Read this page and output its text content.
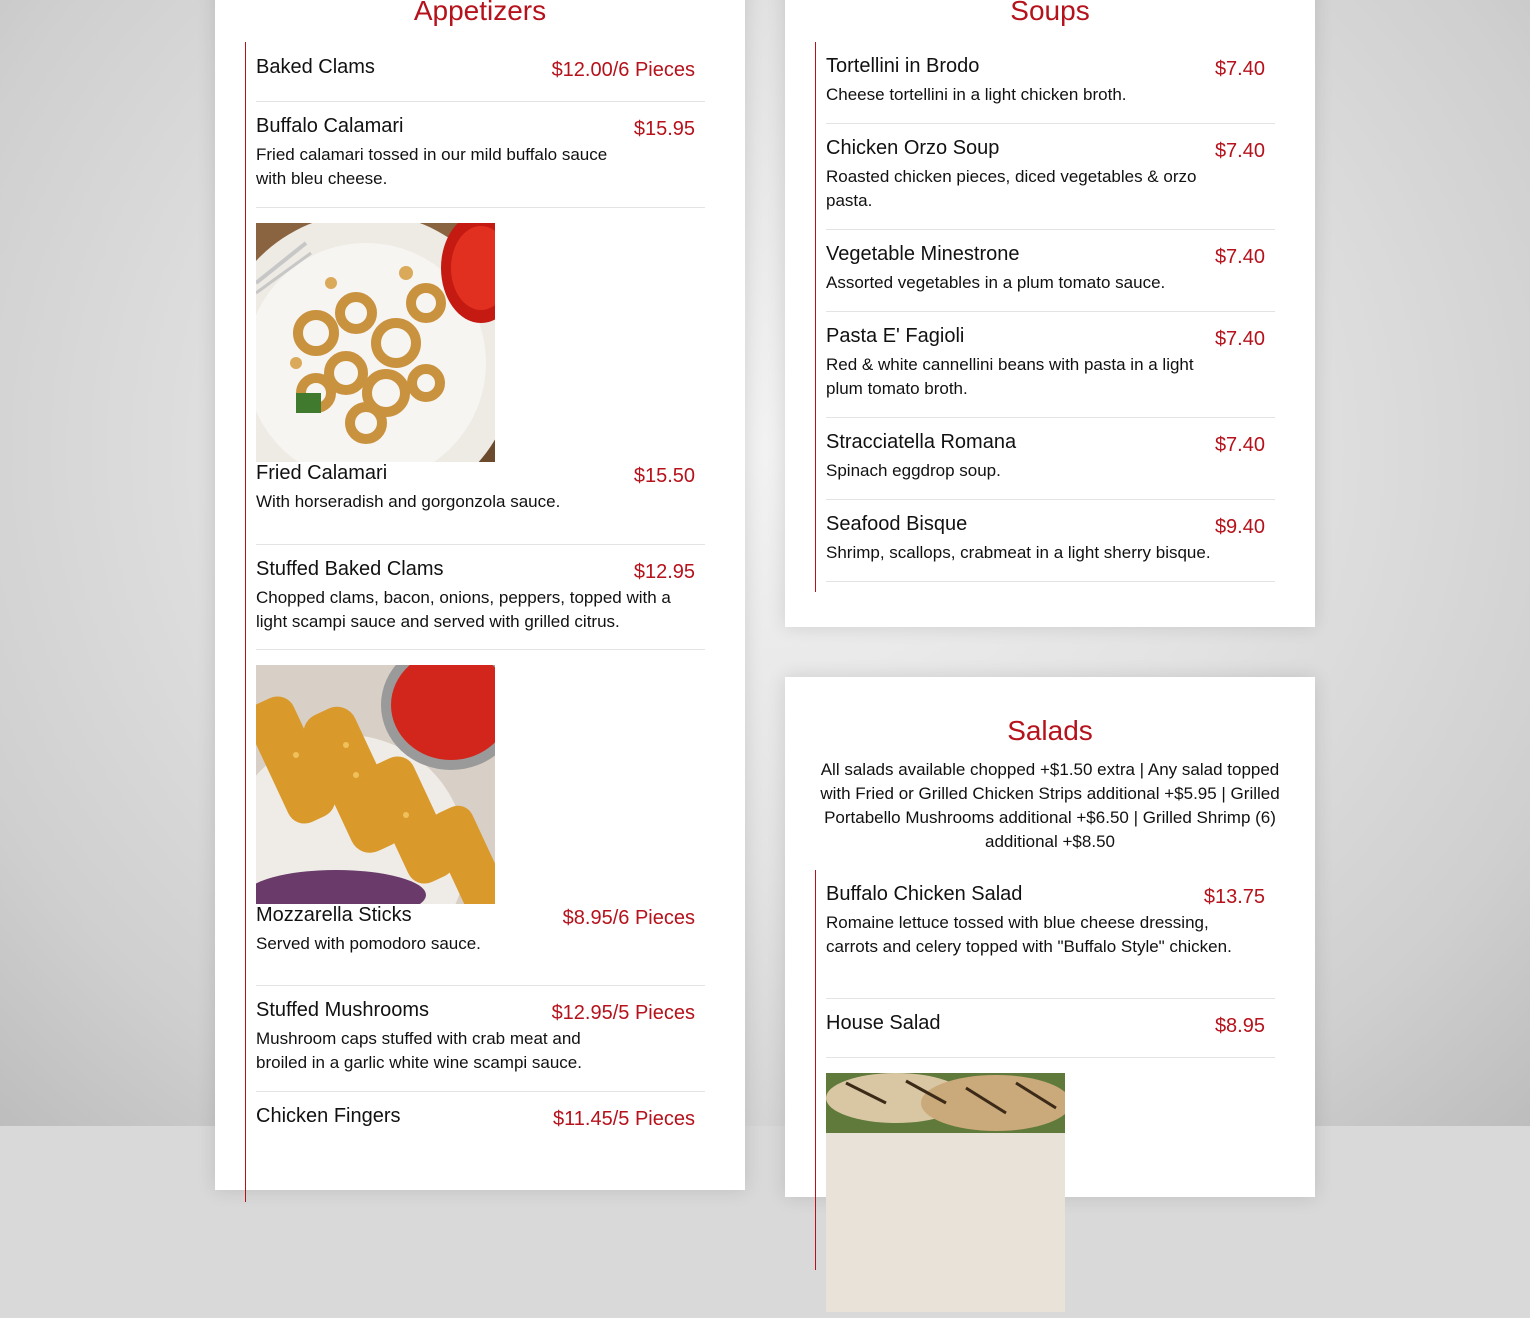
Appetizers
Baked Clams	$12.00/6 Pieces
Buffalo Calamari	$15.95
Fried calamari tossed in our mild buffalo sauce with bleu cheese.
Fried Calamari	$15.50
With horseradish and gorgonzola sauce.
Stuffed Baked Clams	$12.95
Chopped clams, bacon, onions, peppers, topped with a light scampi sauce and served with grilled citrus.
Mozzarella Sticks	$8.95/6 Pieces
Served with pomodoro sauce.
Stuffed Mushrooms	$12.95/5 Pieces
Mushroom caps stuffed with crab meat and broiled in a garlic white wine scampi sauce.
Chicken Fingers	$11.45/5 Pieces
Soups
Tortellini in Brodo	$7.40
Cheese tortellini in a light chicken broth.
Chicken Orzo Soup	$7.40
Roasted chicken pieces, diced vegetables & orzo pasta.
Vegetable Minestrone	$7.40
Assorted vegetables in a plum tomato sauce.
Pasta E' Fagioli	$7.40
Red & white cannellini beans with pasta in a light plum tomato broth.
Stracciatella Romana	$7.40
Spinach eggdrop soup.
Seafood Bisque	$9.40
Shrimp, scallops, crabmeat in a light sherry bisque.
Salads
All salads available chopped +$1.50 extra | Any salad topped with Fried or Grilled Chicken Strips additional +$5.95 | Grilled Portabello Mushrooms additional +$6.50 | Grilled Shrimp (6) additional +$8.50
Buffalo Chicken Salad	$13.75
Romaine lettuce tossed with blue cheese dressing, carrots and celery topped with "Buffalo Style" chicken.
House Salad	$8.95
